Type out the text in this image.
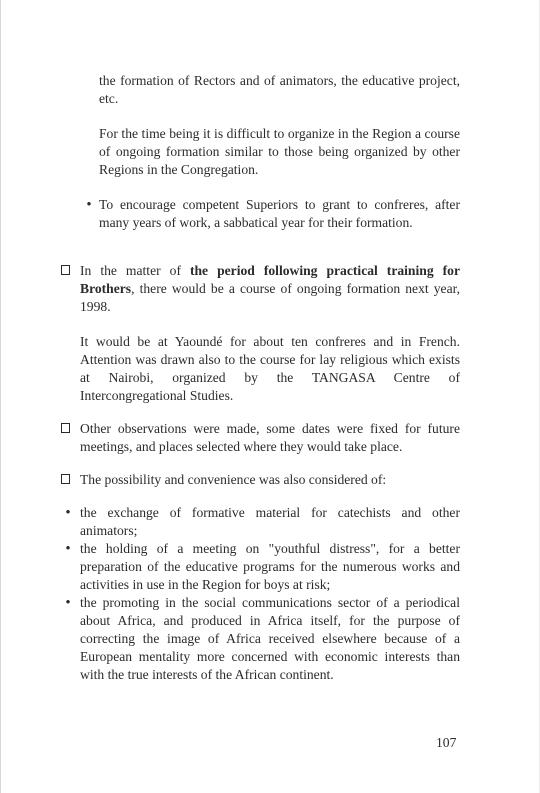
the formation of Rectors and of animators, the educative project, etc.

For the time being it is difficult to organize in the Region a course of ongoing formation similar to those being organized by other Regions in the Congregation.

• To encourage competent Superiors to grant to confreres, after many years of work, a sabbatical year for their formation.

In the matter of the period following practical training for Brothers, there would be a course of ongoing formation next year, 1998.

It would be at Yaoundé for about ten confreres and in French. Attention was drawn also to the course for lay religious which exists at Nairobi, organized by the TANGASA Centre of Intercongregational Studies.

Other observations were made, some dates were fixed for future meetings, and places selected where they would take place.

The possibility and convenience was also considered of:

• the exchange of formative material for catechists and other animators;

• the holding of a meeting on "youthful distress", for a better preparation of the educative programs for the numerous works and activities in use in the Region for boys at risk;

• the promoting in the social communications sector of a periodical about Africa, and produced in Africa itself, for the purpose of correcting the image of Africa received elsewhere because of a European mentality more concerned with economic interests than with the true interests of the African continent.

107
